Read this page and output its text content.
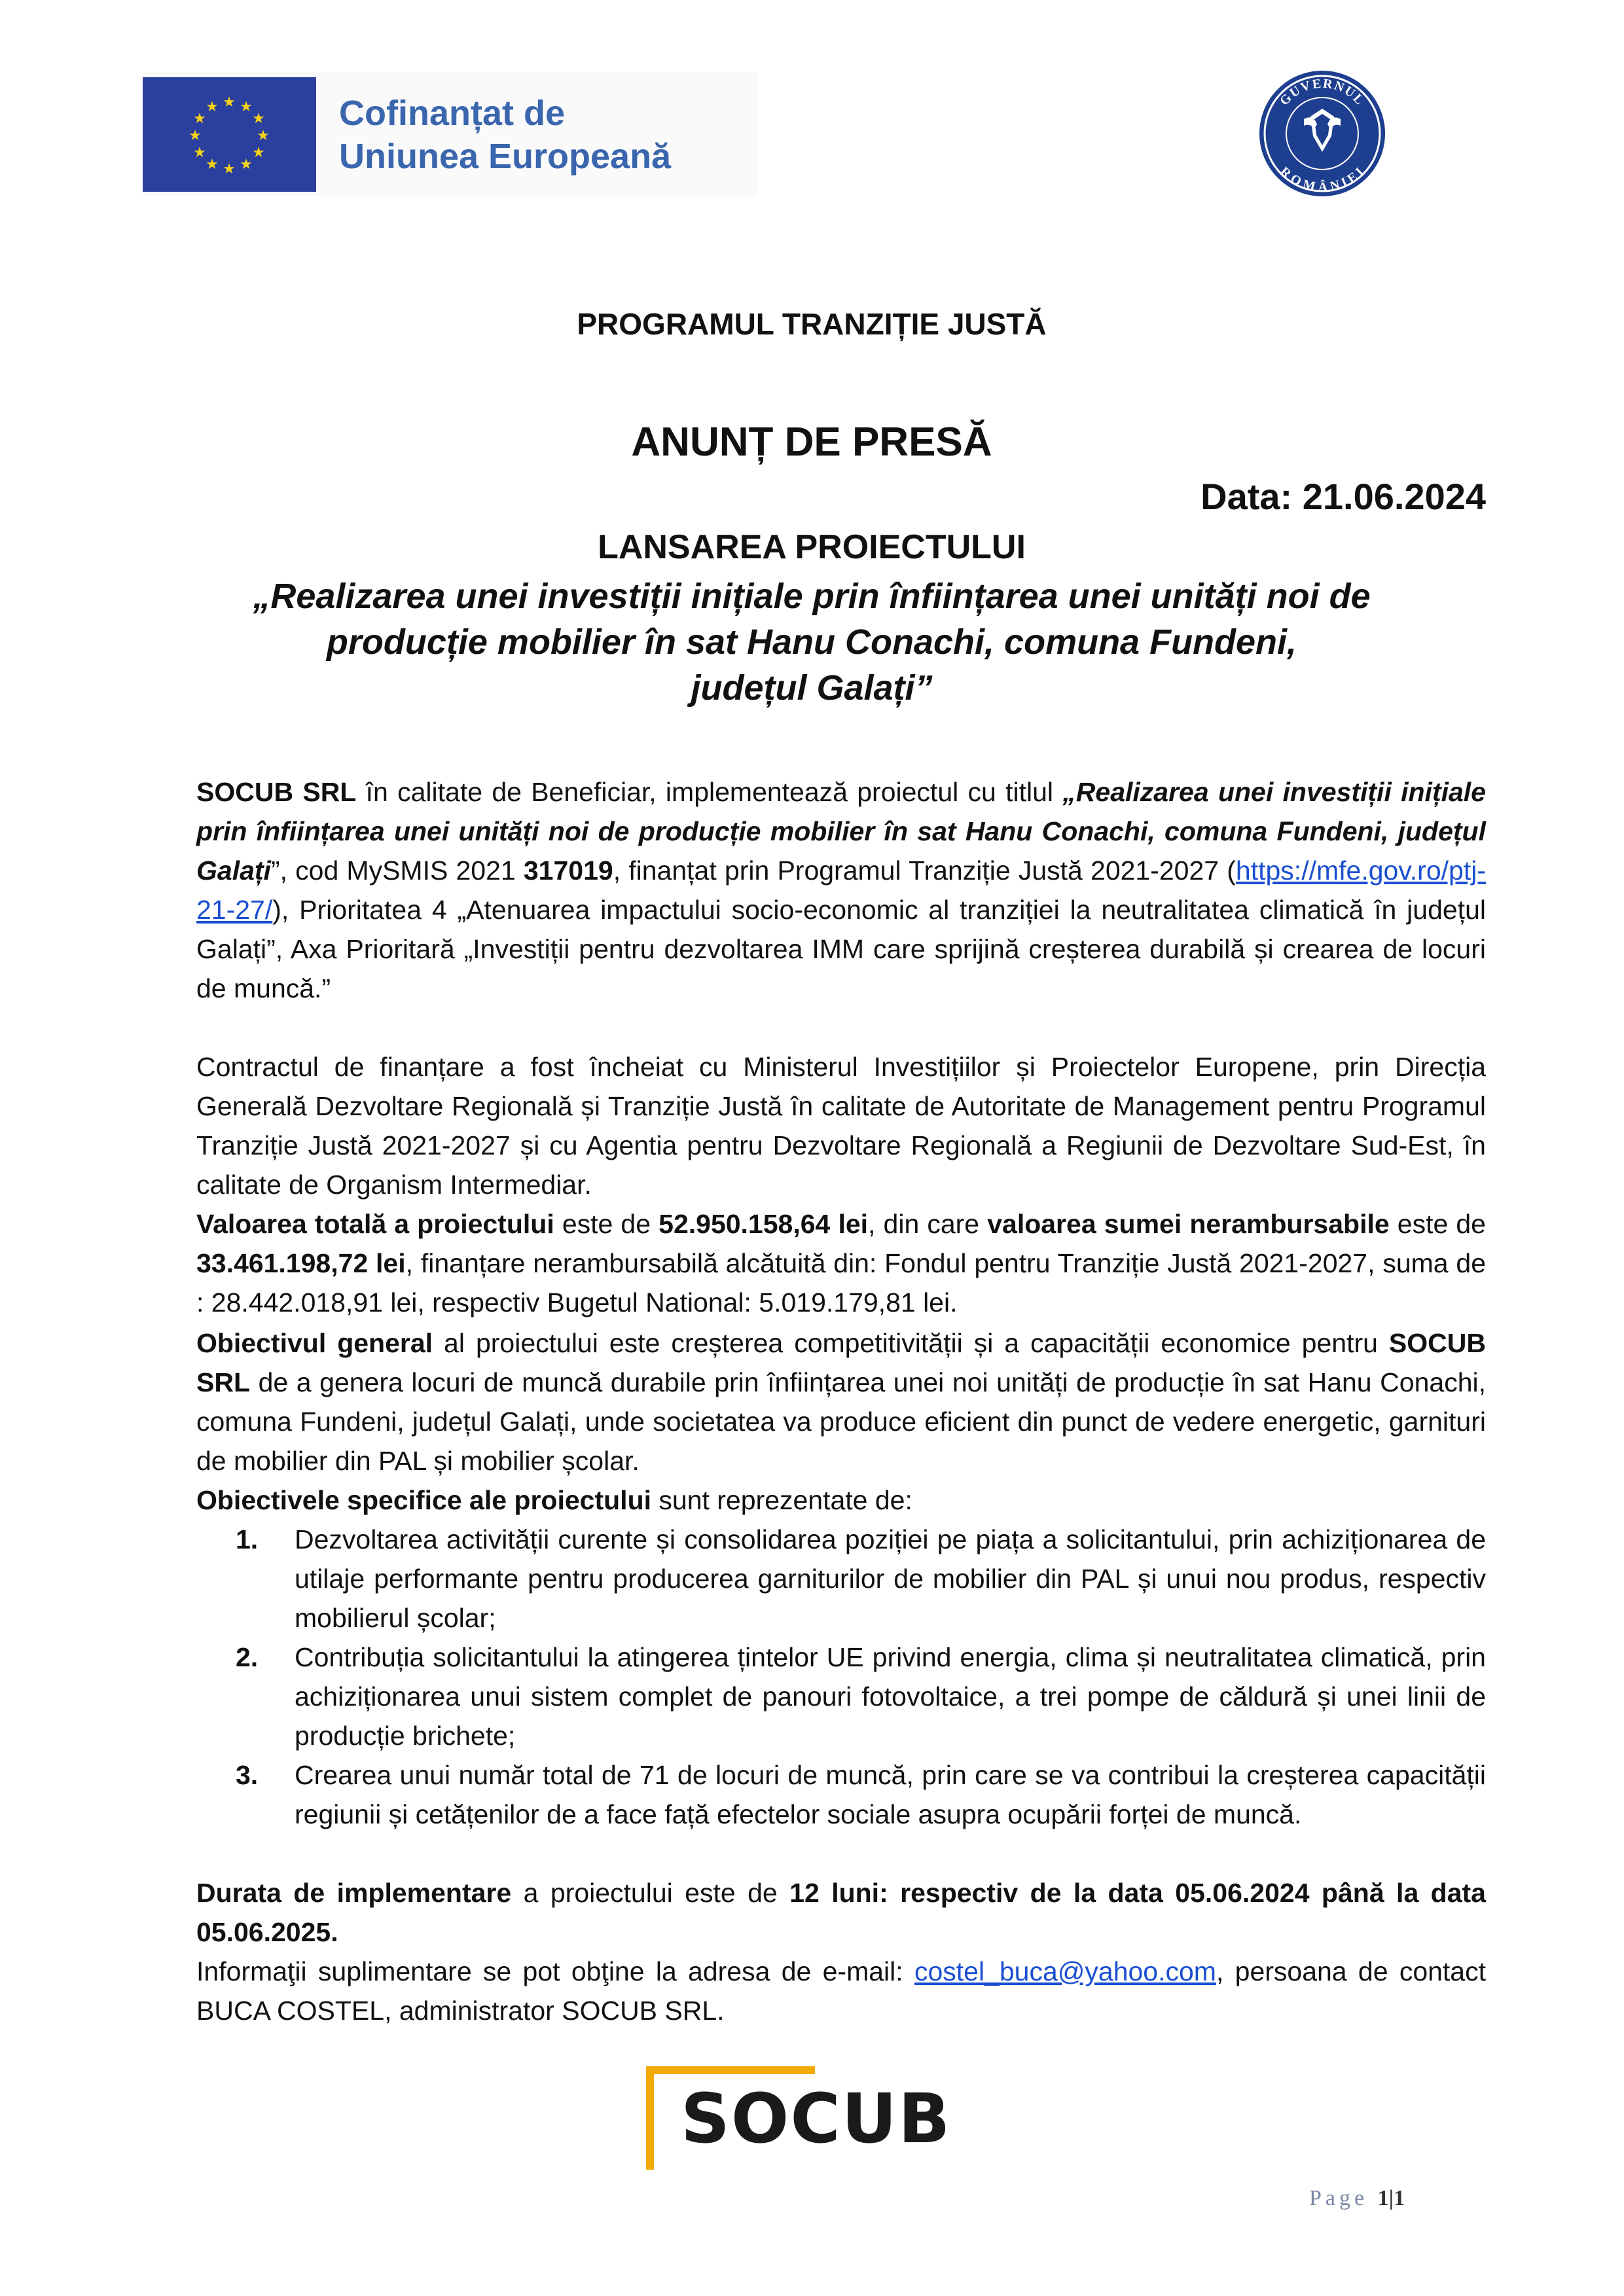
★ ★
★
★
★
★
★
★
★
★
★
★	Cofinanțat de
Uniunea Europeană
GUVERNUL
ROMÂNIEI
PROGRAMUL TRANZIȚIE JUSTĂ
ANUNȚ DE PRESĂ
Data: 21.06.2024
LANSAREA PROIECTULUI
„Realizarea unei investiții inițiale prin înființarea unei unități noi de
producție mobilier în sat Hanu Conachi, comuna Fundeni,
județul Galați”
SOCUB SRL în calitate de Beneficiar, implementează proiectul cu titlul „Realizarea unei investiții inițiale prin înființarea unei unități noi de producție mobilier în sat Hanu Conachi, comuna Fundeni, județul Galați”, cod MySMIS 2021 317019, finanțat prin Programul Tranziție Justă 2021-2027 (https://mfe.gov.ro/ptj-21-27/), Prioritatea 4 „Atenuarea impactului socio-economic al tranziției la neutralitatea climatică în județul Galați”, Axa Prioritară „Investiții pentru dezvoltarea IMM care sprijină creșterea durabilă și crearea de locuri de muncă.”
Contractul de finanțare a fost încheiat cu Ministerul Investițiilor și Proiectelor Europene, prin Direcția Generală Dezvoltare Regională și Tranziție Justă în calitate de Autoritate de Management pentru Programul Tranziție Justă 2021-2027 și cu Agentia pentru Dezvoltare Regională a Regiunii de Dezvoltare Sud-Est, în calitate de Organism Intermediar.
Valoarea totală a proiectului este de 52.950.158,64 lei, din care valoarea sumei nerambursabile este de 33.461.198,72 lei, finanțare nerambursabilă alcătuită din: Fondul pentru Tranziție Justă 2021-2027, suma de : 28.442.018,91 lei, respectiv Bugetul National: 5.019.179,81 lei.
Obiectivul general al proiectului este creșterea competitivității și a capacității economice pentru SOCUB SRL de a genera locuri de muncă durabile prin înființarea unei noi unități de producție în sat Hanu Conachi, comuna Fundeni, județul Galați, unde societatea va produce eficient din punct de vedere energetic, garnituri de mobilier din PAL și mobilier școlar.
Obiectivele specifice ale proiectului sunt reprezentate de:
1. Dezvoltarea activității curente și consolidarea poziției pe piața a solicitantului, prin achiziționarea de utilaje performante pentru producerea garniturilor de mobilier din PAL și unui nou produs, respectiv mobilierul școlar;
2. Contribuția solicitantului la atingerea țintelor UE privind energia, clima și neutralitatea climatică, prin achiziționarea unui sistem complet de panouri fotovoltaice, a trei pompe de căldură și unei linii de producție brichete;
3. Crearea unui număr total de 71 de locuri de muncă, prin care se va contribui la creșterea capacității regiunii și cetățenilor de a face față efectelor sociale asupra ocupării forței de muncă.
Durata de implementare a proiectului este de 12 luni: respectiv de la data 05.06.2024 până la data 05.06.2025.
Informaţii suplimentare se pot obţine la adresa de e-mail: costel_buca@yahoo.com, persoana de contact BUCA COSTEL, administrator SOCUB SRL.
SOCUB
Page 1|1
